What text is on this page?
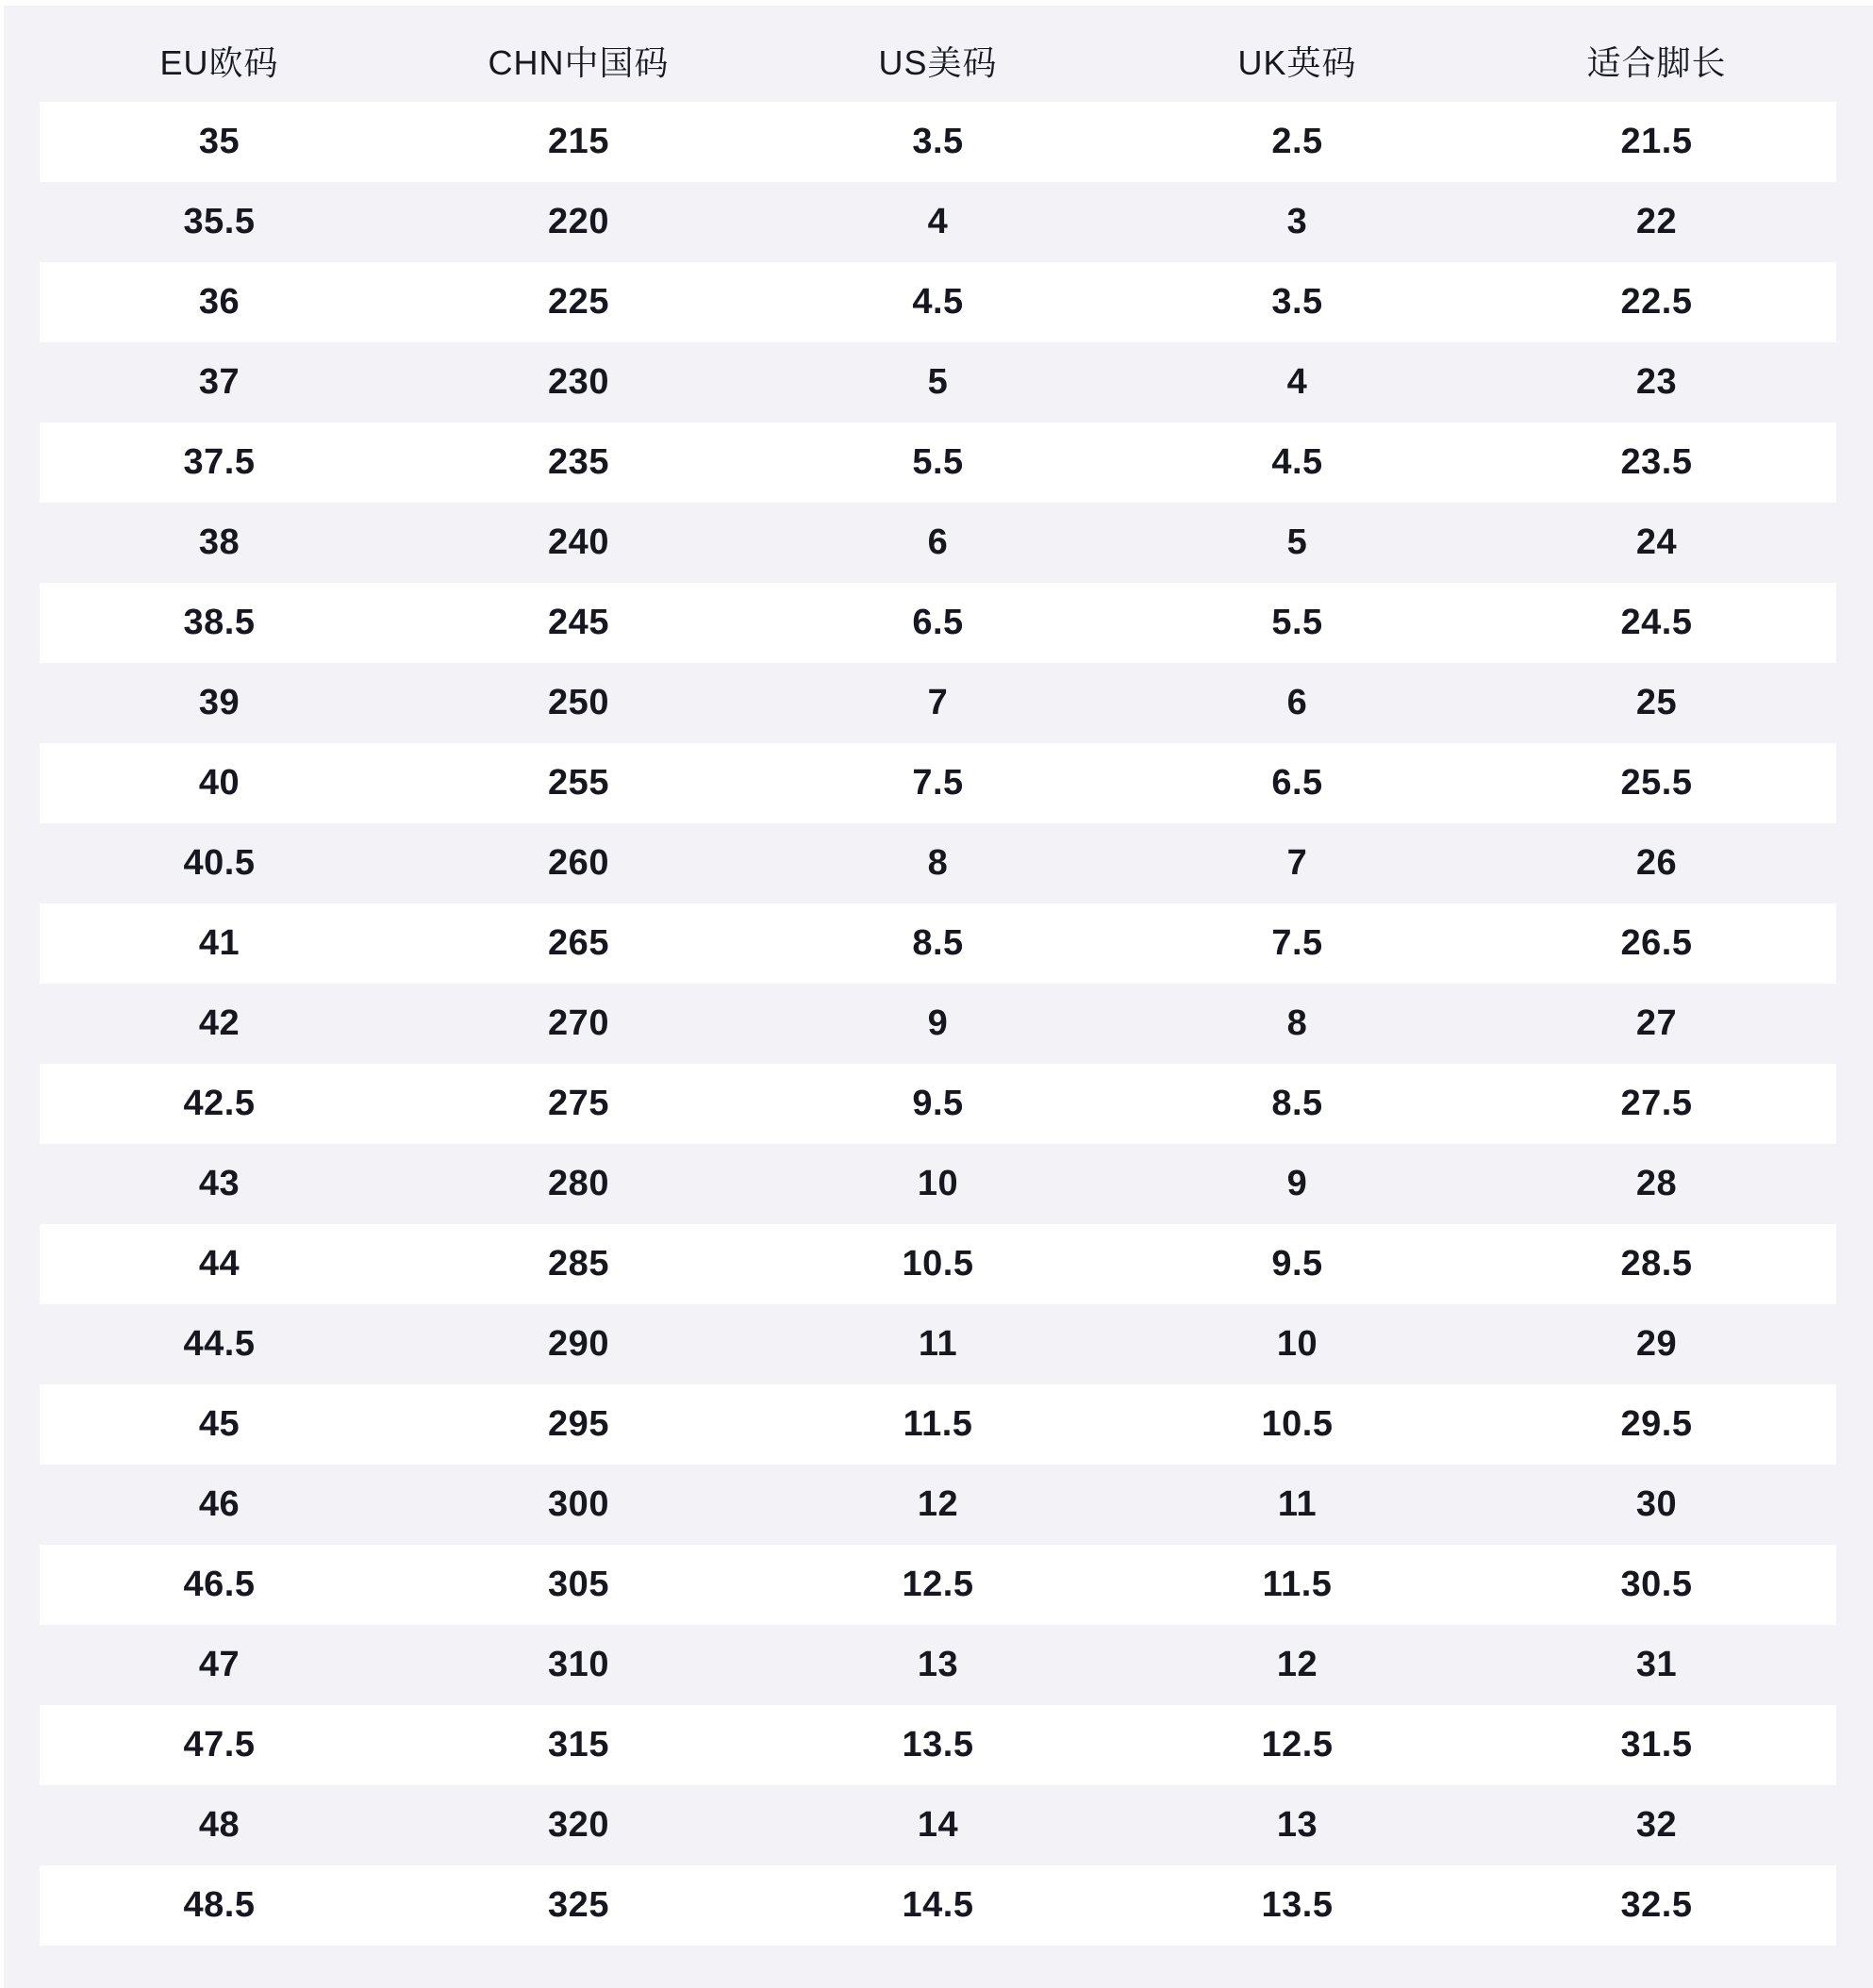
EU欧码	CHN中国码	US美码	UK英码	适合脚长
35	215	3.5	2.5	21.5
35.5	220	4	3	22
36	225	4.5	3.5	22.5
37	230	5	4	23
37.5	235	5.5	4.5	23.5
38	240	6	5	24
38.5	245	6.5	5.5	24.5
39	250	7	6	25
40	255	7.5	6.5	25.5
40.5	260	8	7	26
41	265	8.5	7.5	26.5
42	270	9	8	27
42.5	275	9.5	8.5	27.5
43	280	10	9	28
44	285	10.5	9.5	28.5
44.5	290	11	10	29
45	295	11.5	10.5	29.5
46	300	12	11	30
46.5	305	12.5	11.5	30.5
47	310	13	12	31
47.5	315	13.5	12.5	31.5
48	320	14	13	32
48.5	325	14.5	13.5	32.5
